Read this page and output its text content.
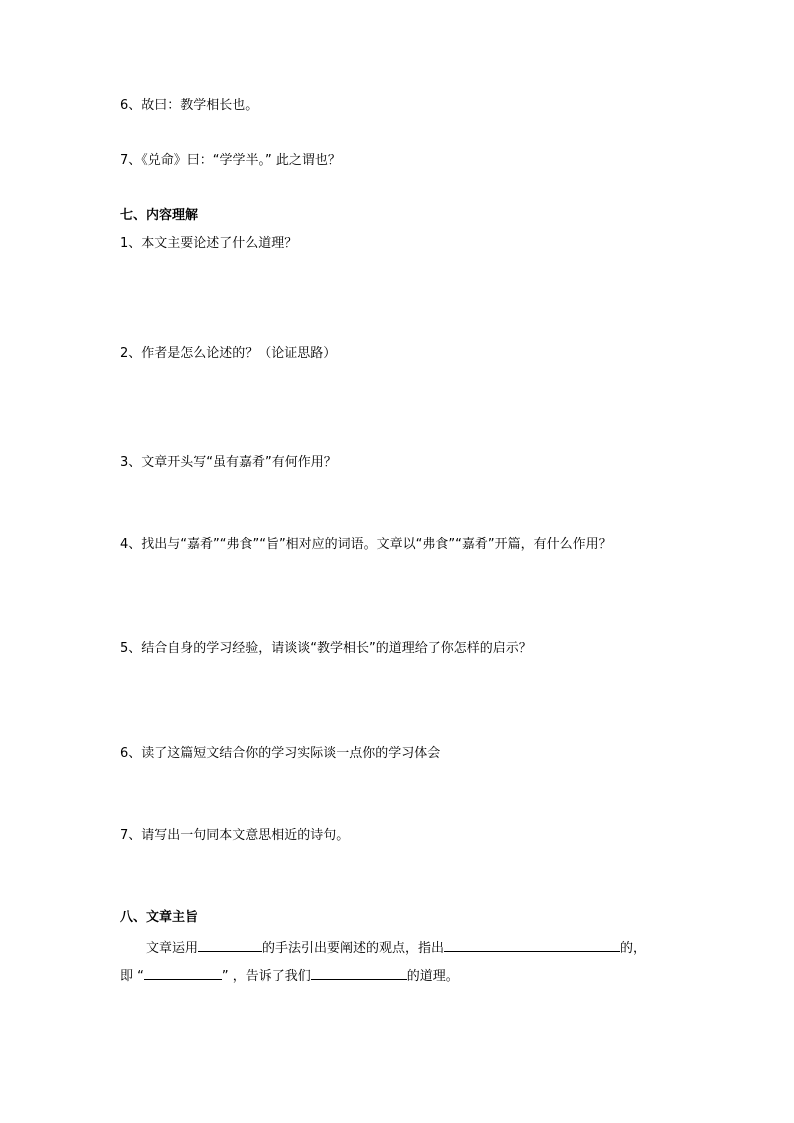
6、故曰：教学相长也。
7、《兑命》曰：“学学半。” 此之谓也？
七、内容理解
1、本文主要论述了什么道理？
2、作者是怎么论述的？（论证思路）
3、文章开头写“虽有嘉肴”有何作用？
4、找出与“嘉肴”“弗食”“旨”相对应的词语。文章以“弗食”“嘉肴”开篇，有什么作用？
5、结合自身的学习经验，请谈谈“教学相长”的道理给了你怎样的启示？
6、读了这篇短文结合你的学习实际谈一点你的学习体会
7、请写出一句同本文意思相近的诗句。
八、文章主旨
文章运用	的手法引出要阐述的观点，指出	的，
即 “	” ，告诉了我们	的道理。
